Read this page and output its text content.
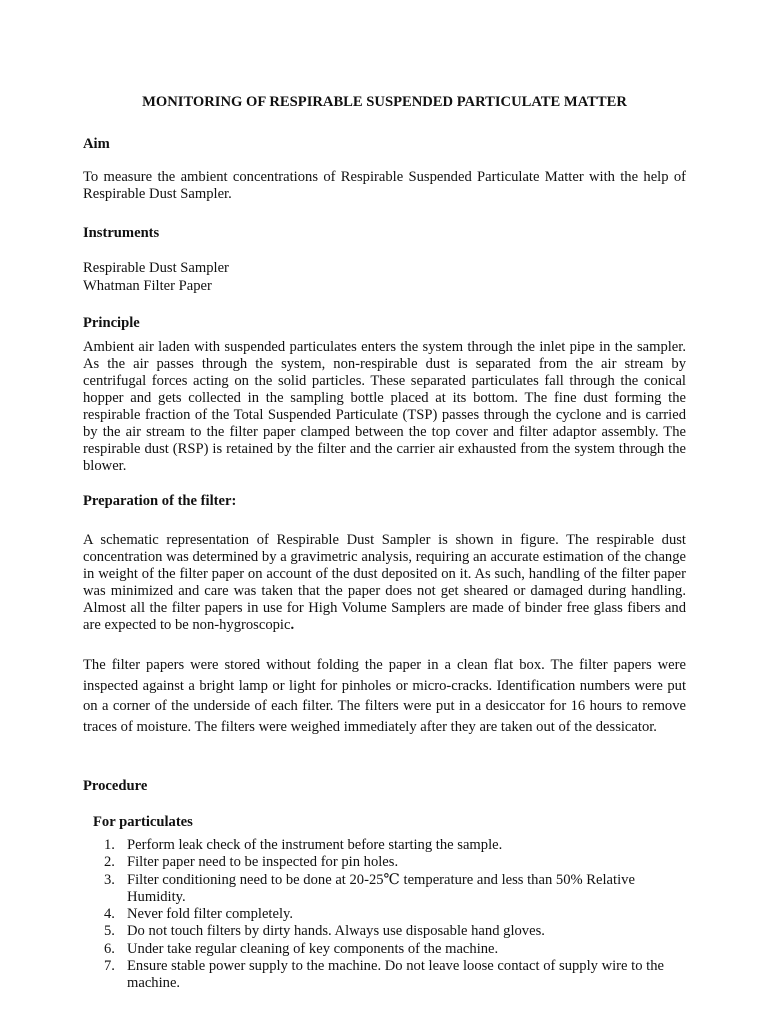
MONITORING OF RESPIRABLE SUSPENDED PARTICULATE MATTER
Aim

To measure the ambient concentrations of Respirable Suspended Particulate Matter with the help of Respirable Dust Sampler.

Instruments

Respirable Dust Sampler

Whatman Filter Paper

Principle

Ambient air laden with suspended particulates enters the system through the inlet pipe in the sampler. As the air passes through the system, non-respirable dust is separated from the air stream by centrifugal forces acting on the solid particles. These separated particulates fall through the conical hopper and gets collected in the sampling bottle placed at its bottom. The fine dust forming the respirable fraction of the Total Suspended Particulate (TSP) passes through the cyclone and is carried by the air stream to the filter paper clamped between the top cover and filter adaptor assembly. The respirable dust (RSP) is retained by the filter and the carrier air exhausted from the system through the blower.

Preparation of the filter:

A schematic representation of Respirable Dust Sampler is shown in figure. The respirable dust concentration was determined by a gravimetric analysis, requiring an accurate estimation of the change in weight of the filter paper on account of the dust deposited on it. As such, handling of the filter paper was minimized and care was taken that the paper does not get sheared or damaged during handling. Almost all the filter papers in use for High Volume Samplers are made of binder free glass fibers and are expected to be non-hygroscopic.

The filter papers were stored without folding the paper in a clean flat box. The filter papers were inspected against a bright lamp or light for pinholes or micro-cracks. Identification numbers were put on a corner of the underside of each filter. The filters were put in a desiccator for 16 hours to remove traces of moisture. The filters were weighed immediately after they are taken out of the dessicator.

Procedure
For particulates
1. Perform leak check of the instrument before starting the sample.
2. Filter paper need to be inspected for pin holes.
3. Filter conditioning need to be done at 20-25℃ temperature and less than 50% Relative Humidity.
4. Never fold filter completely.
5. Do not touch filters by dirty hands. Always use disposable hand gloves.
6. Under take regular cleaning of key components of the machine.
7. Ensure stable power supply to the machine. Do not leave loose contact of supply wire to the machine.
